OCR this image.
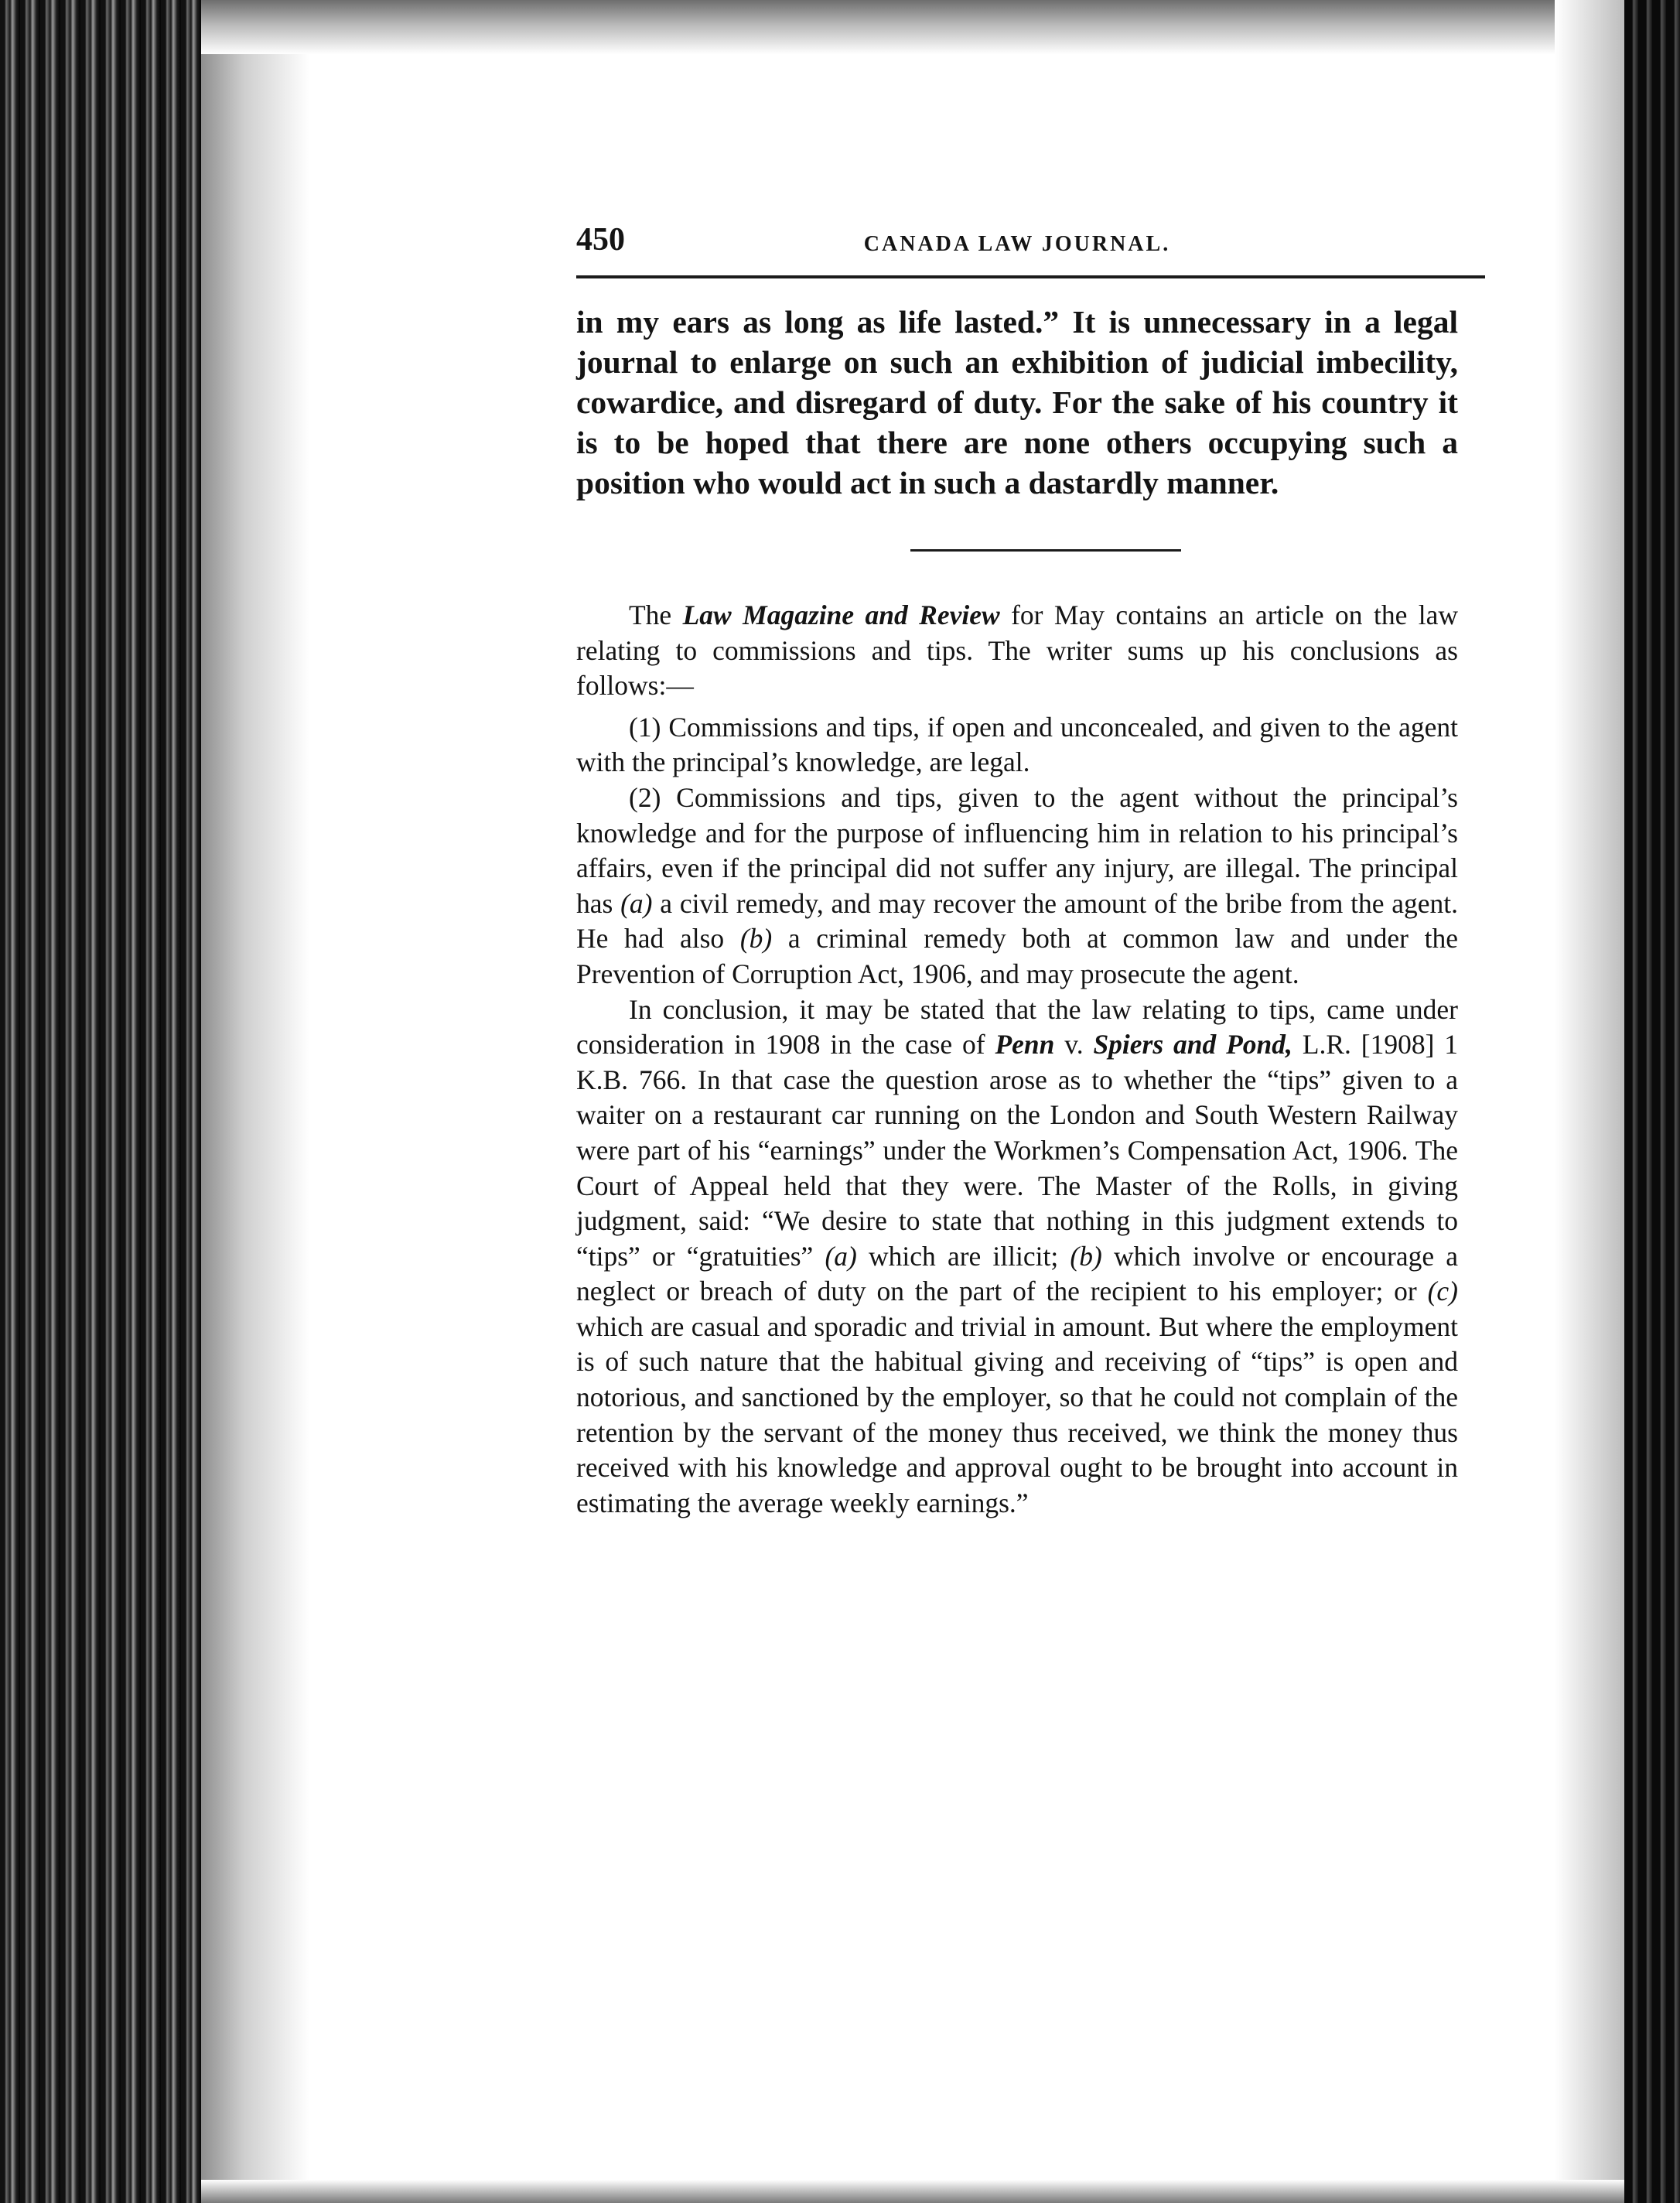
450	CANADA LAW JOURNAL.

in my ears as long as life lasted.” It is unnecessary in a legal journal to enlarge on such an exhibition of judicial imbecility, cowardice, and disregard of duty. For the sake of his country it is to be hoped that there are none others occupying such a position who would act in such a dastardly manner.

The Law Magazine and Review for May contains an article on the law relating to commissions and tips. The writer sums up his conclusions as follows:—

(1) Commissions and tips, if open and unconcealed, and given to the agent with the principal’s knowledge, are legal.

(2) Commissions and tips, given to the agent without the principal’s knowledge and for the purpose of influencing him in relation to his principal’s affairs, even if the principal did not suffer any injury, are illegal. The principal has (a) a civil remedy, and may recover the amount of the bribe from the agent. He had also (b) a criminal remedy both at common law and under the Prevention of Corruption Act, 1906, and may prosecute the agent.

In conclusion, it may be stated that the law relating to tips, came under consideration in 1908 in the case of Penn v. Spiers and Pond, L.R. [1908] 1 K.B. 766. In that case the question arose as to whether the “tips” given to a waiter on a restaurant car running on the London and South Western Railway were part of his “earnings” under the Workmen’s Compensation Act, 1906. The Court of Appeal held that they were. The Master of the Rolls, in giving judgment, said: “We desire to state that nothing in this judgment extends to “tips” or “gratuities” (a) which are illicit; (b) which involve or encourage a neglect or breach of duty on the part of the recipient to his employer; or (c) which are casual and sporadic and trivial in amount. But where the employment is of such nature that the habitual giving and receiving of “tips” is open and notorious, and sanctioned by the employer, so that he could not complain of the retention by the servant of the money thus received, we think the money thus received with his knowledge and approval ought to be brought into account in estimating the average weekly earnings.”
